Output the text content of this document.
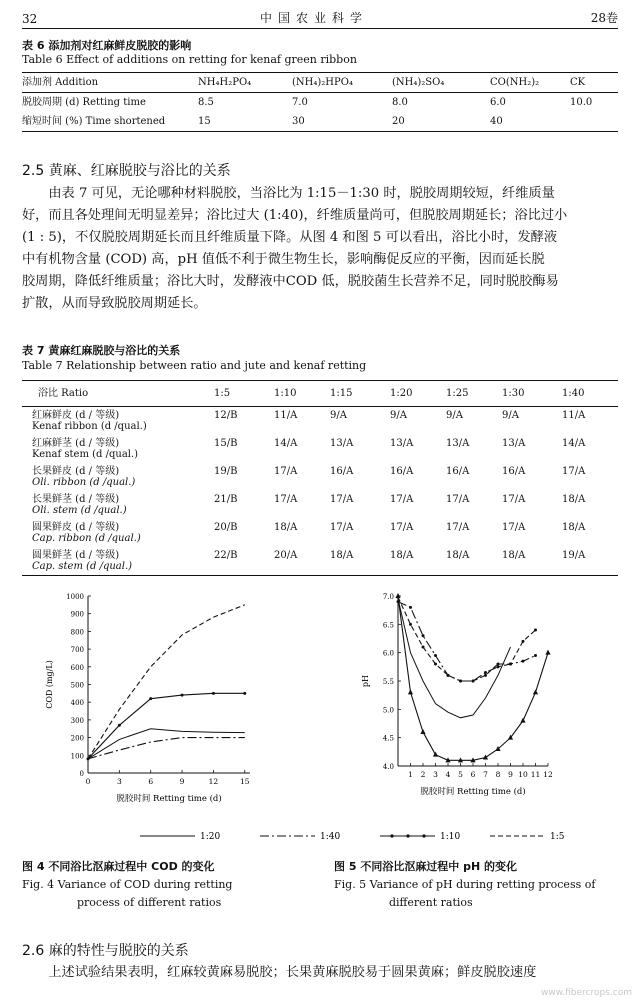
32	中国农业科学	28卷
表 6 添加剂对红麻鲜皮脱胶的影响
Table 6 Effect of additions on retting for kenaf green ribbon
添加剂 Addition	NH₄H₂PO₄	(NH₄)₂HPO₄	(NH₄)₂SO₄	CO(NH₂)₂	CK
脱胶周期 (d) Retting time	8.5	7.0	8.0	6.0	10.0
缩短时间 (%) Time shortened	15	30	20	40	
2.5 黄麻、红麻脱胶与浴比的关系
　　由表 7 可见，无论哪种材料脱胶，当浴比为 1:15－1:30 时，脱胶周期较短，纤维质量
好，而且各处理间无明显差异；浴比过大 (1:40)，纤维质量尚可，但脱胶周期延长；浴比过小
(1 : 5)，不仅脱胶周期延长而且纤维质量下降。从图 4 和图 5 可以看出，浴比小时，发酵液
中有机物含量 (COD) 高，pH 值低不利于微生物生长，影响酶促反应的平衡，因而延长脱
胶周期，降低纤维质量；浴比大时，发酵液中COD 低，脱胶菌生长营养不足，同时脱胶酶易
扩散，从而导致脱胶周期延长。
表 7 黄麻红麻脱胶与浴比的关系
Table 7 Relationship between ratio and jute and kenaf retting
浴比 Ratio	1:5	1:10	1:15	1:20	1:25	1:30	1:40

红麻鲜皮 (d / 等级)
Kenaf ribbon (d /qual.)	12/B	11/A	9/A	9/A	9/A	9/A	11/A

红麻鲜茎 (d / 等级)
Kenaf stem (d /qual.)	15/B	14/A	13/A	13/A	13/A	13/A	14/A

长果鲜皮 (d / 等级)
Oli. ribbon (d /qual.)	19/B	17/A	16/A	16/A	16/A	16/A	17/A

长果鲜茎 (d / 等级)
Oli. stem (d /qual.)	21/B	17/A	17/A	17/A	17/A	17/A	18/A

圆果鲜皮 (d / 等级)
Cap. ribbon (d /qual.)	20/B	18/A	17/A	17/A	17/A	17/A	18/A

圆果鲜茎 (d / 等级)
Cap. stem (d /qual.)	22/B	20/A	18/A	18/A	18/A	18/A	19/A
0
100
200
300
400
500
600
700
800
900
1000
0	3	6	9	12	15
COD (mg/L)
脱胶时间 Retting time (d)
4.0
4.5
5.0
5.5
6.0
6.5
7.0
1 2 3 4 5 6 7 8 9 10 11 12
pH
脱胶时间 Retting time (d)
1:20	1:40	1:10	1:5
图 4 不同浴比沤麻过程中 COD 的变化
Fig. 4 Variance of COD during retting
process of different ratios
图 5 不同浴比沤麻过程中 pH 的变化
Fig. 5 Variance of pH during retting process of
different ratios
2.6 麻的特性与脱胶的关系
　　上述试验结果表明，红麻较黄麻易脱胶；长果黄麻脱胶易于圆果黄麻；鲜皮脱胶速度
www.fibercrops.com
